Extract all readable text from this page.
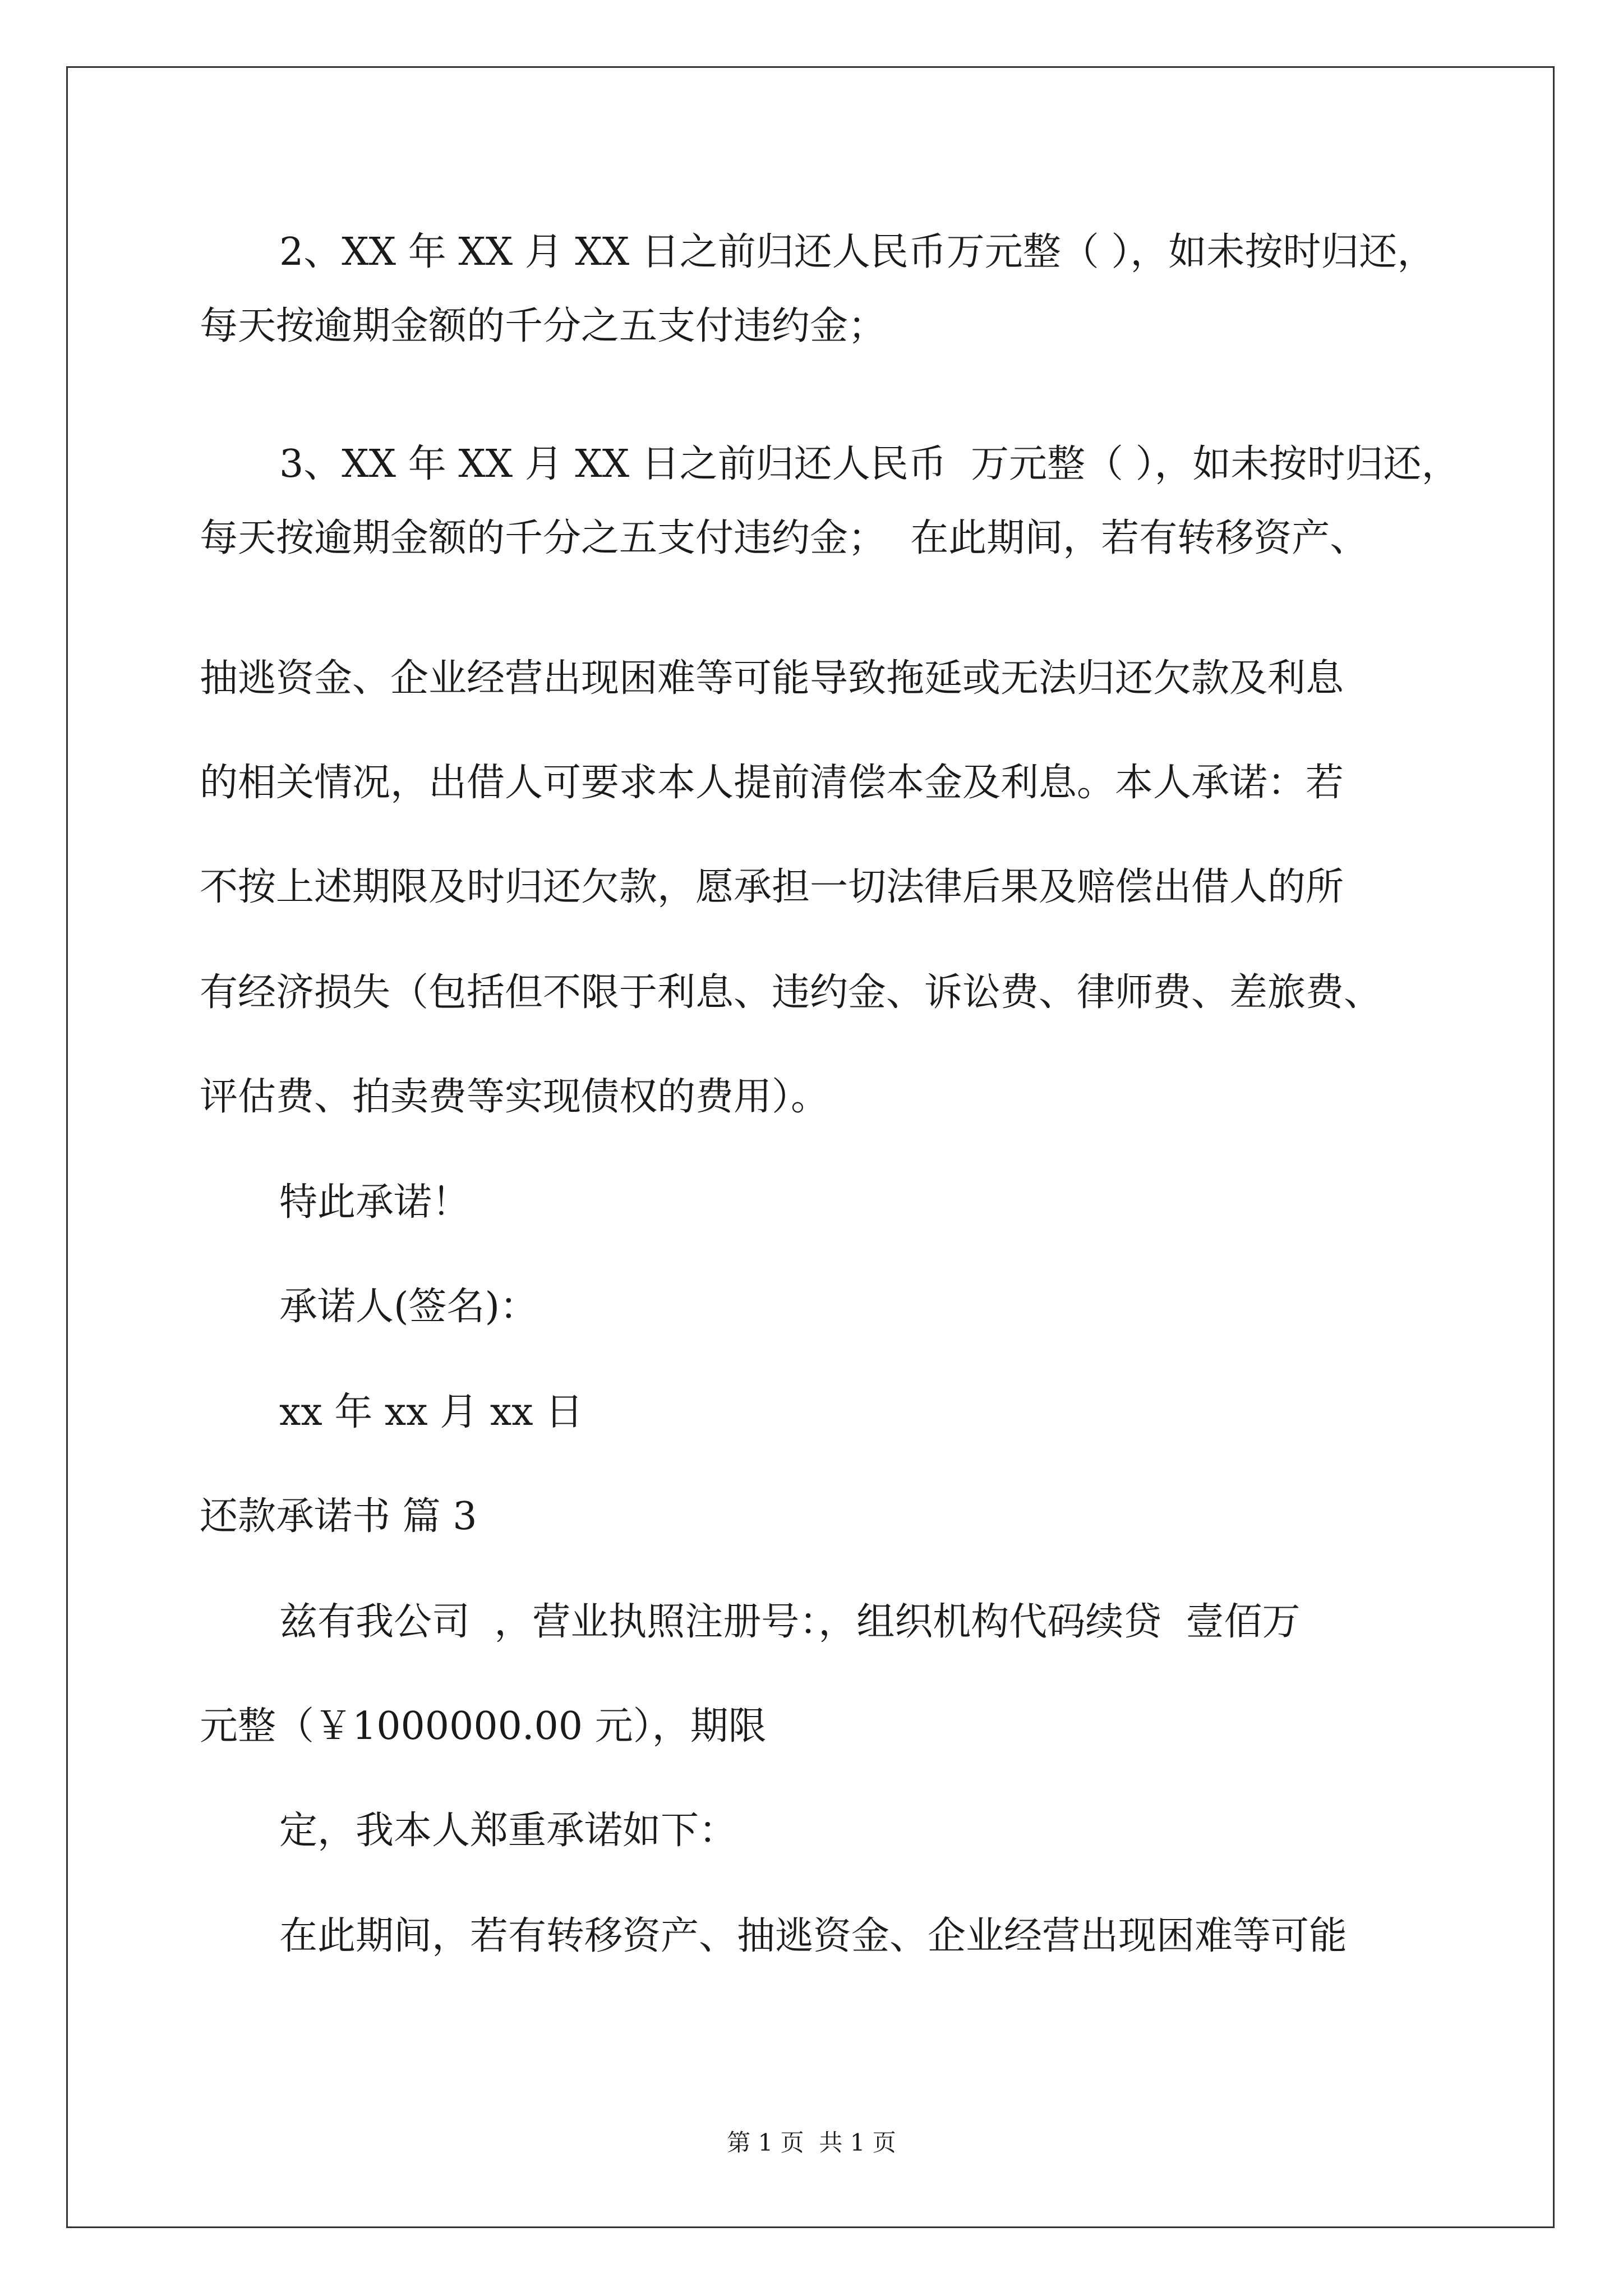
2、XX 年 XX 月 XX 日之前归还人民币万元整（ ），如未按时归还，

每天按逾期金额的千分之五支付违约金；

3、XX 年 XX 月 XX 日之前归还人民币  万元整（ ），如未按时归还，

每天按逾期金额的千分之五支付违约金；  在此期间，若有转移资产、

抽逃资金、企业经营出现困难等可能导致拖延或无法归还欠款及利息

的相关情况，出借人可要求本人提前清偿本金及利息。本人承诺：若

不按上述期限及时归还欠款，愿承担一切法律后果及赔偿出借人的所

有经济损失（包括但不限于利息、违约金、诉讼费、律师费、差旅费、

评估费、拍卖费等实现债权的费用）。

特此承诺！

承诺人(签名)：

xx 年 xx 月 xx 日

还款承诺书 篇 3

兹有我公司  ，营业执照注册号：，组织机构代码续贷  壹佰万

元整（￥1000000.00 元），期限

定，我本人郑重承诺如下：

在此期间，若有转移资产、抽逃资金、企业经营出现困难等可能

第 1 页  共 1 页
